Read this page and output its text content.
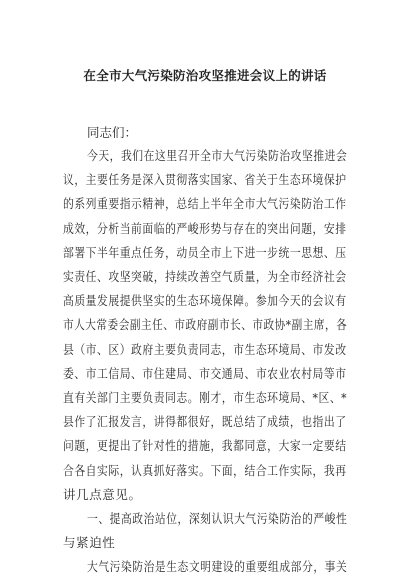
在全市大气污染防治攻坚推进会议上的讲话
同志们：
今天，我们在这里召开全市大气污染防治攻坚推进会
议，主要任务是深入贯彻落实国家、省关于生态环境保护
的系列重要指示精神，总结上半年全市大气污染防治工作
成效，分析当前面临的严峻形势与存在的突出问题，安排
部署下半年重点任务，动员全市上下进一步统一思想、压
实责任、攻坚突破，持续改善空气质量，为全市经济社会
高质量发展提供坚实的生态环境保障。参加今天的会议有
市人大常委会副主任、市政府副市长、市政协*副主席，各
县（市、区）政府主要负责同志，市生态环境局、市发改
委、市工信局、市住建局、市交通局、市农业农村局等市
直有关部门主要负责同志。刚才，市生态环境局、*区、*
县作了汇报发言，讲得都很好，既总结了成绩，也指出了
问题，更提出了针对性的措施，我都同意，大家一定要结
合各自实际，认真抓好落实。下面，结合工作实际，我再
讲几点意见。
一、提高政治站位，深刻认识大气污染防治的严峻性
与紧迫性
大气污染防治是生态文明建设的重要组成部分，事关
